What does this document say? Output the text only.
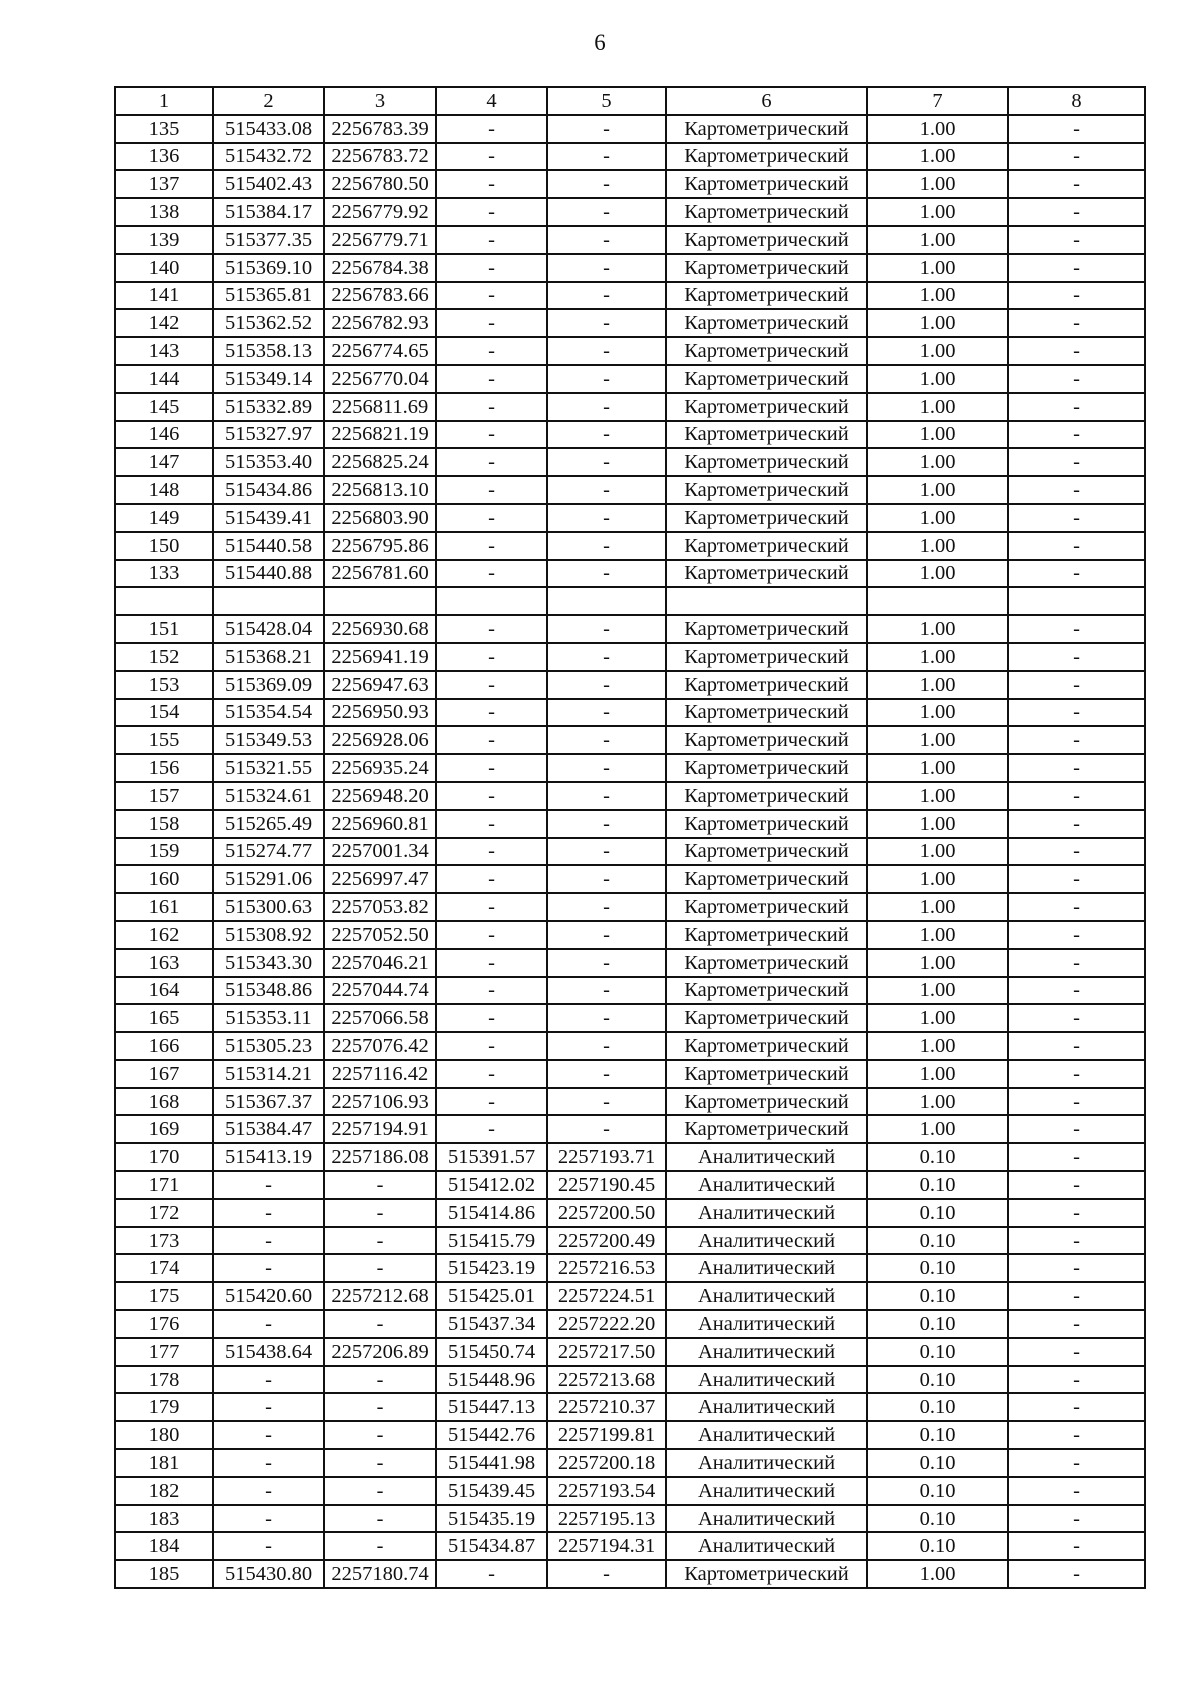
6
1	2	3	4	5	6	7	8
135	515433.08	2256783.39	-	-	Картометрический	1.00	-
136	515432.72	2256783.72	-	-	Картометрический	1.00	-
137	515402.43	2256780.50	-	-	Картометрический	1.00	-
138	515384.17	2256779.92	-	-	Картометрический	1.00	-
139	515377.35	2256779.71	-	-	Картометрический	1.00	-
140	515369.10	2256784.38	-	-	Картометрический	1.00	-
141	515365.81	2256783.66	-	-	Картометрический	1.00	-
142	515362.52	2256782.93	-	-	Картометрический	1.00	-
143	515358.13	2256774.65	-	-	Картометрический	1.00	-
144	515349.14	2256770.04	-	-	Картометрический	1.00	-
145	515332.89	2256811.69	-	-	Картометрический	1.00	-
146	515327.97	2256821.19	-	-	Картометрический	1.00	-
147	515353.40	2256825.24	-	-	Картометрический	1.00	-
148	515434.86	2256813.10	-	-	Картометрический	1.00	-
149	515439.41	2256803.90	-	-	Картометрический	1.00	-
150	515440.58	2256795.86	-	-	Картометрический	1.00	-
133	515440.88	2256781.60	-	-	Картометрический	1.00	-

151	515428.04	2256930.68	-	-	Картометрический	1.00	-
152	515368.21	2256941.19	-	-	Картометрический	1.00	-
153	515369.09	2256947.63	-	-	Картометрический	1.00	-
154	515354.54	2256950.93	-	-	Картометрический	1.00	-
155	515349.53	2256928.06	-	-	Картометрический	1.00	-
156	515321.55	2256935.24	-	-	Картометрический	1.00	-
157	515324.61	2256948.20	-	-	Картометрический	1.00	-
158	515265.49	2256960.81	-	-	Картометрический	1.00	-
159	515274.77	2257001.34	-	-	Картометрический	1.00	-
160	515291.06	2256997.47	-	-	Картометрический	1.00	-
161	515300.63	2257053.82	-	-	Картометрический	1.00	-
162	515308.92	2257052.50	-	-	Картометрический	1.00	-
163	515343.30	2257046.21	-	-	Картометрический	1.00	-
164	515348.86	2257044.74	-	-	Картометрический	1.00	-
165	515353.11	2257066.58	-	-	Картометрический	1.00	-
166	515305.23	2257076.42	-	-	Картометрический	1.00	-
167	515314.21	2257116.42	-	-	Картометрический	1.00	-
168	515367.37	2257106.93	-	-	Картометрический	1.00	-
169	515384.47	2257194.91	-	-	Картометрический	1.00	-
170	515413.19	2257186.08	515391.57	2257193.71	Аналитический	0.10	-
171	-	-	515412.02	2257190.45	Аналитический	0.10	-
172	-	-	515414.86	2257200.50	Аналитический	0.10	-
173	-	-	515415.79	2257200.49	Аналитический	0.10	-
174	-	-	515423.19	2257216.53	Аналитический	0.10	-
175	515420.60	2257212.68	515425.01	2257224.51	Аналитический	0.10	-
176	-	-	515437.34	2257222.20	Аналитический	0.10	-
177	515438.64	2257206.89	515450.74	2257217.50	Аналитический	0.10	-
178	-	-	515448.96	2257213.68	Аналитический	0.10	-
179	-	-	515447.13	2257210.37	Аналитический	0.10	-
180	-	-	515442.76	2257199.81	Аналитический	0.10	-
181	-	-	515441.98	2257200.18	Аналитический	0.10	-
182	-	-	515439.45	2257193.54	Аналитический	0.10	-
183	-	-	515435.19	2257195.13	Аналитический	0.10	-
184	-	-	515434.87	2257194.31	Аналитический	0.10	-
185	515430.80	2257180.74	-	-	Картометрический	1.00	-
